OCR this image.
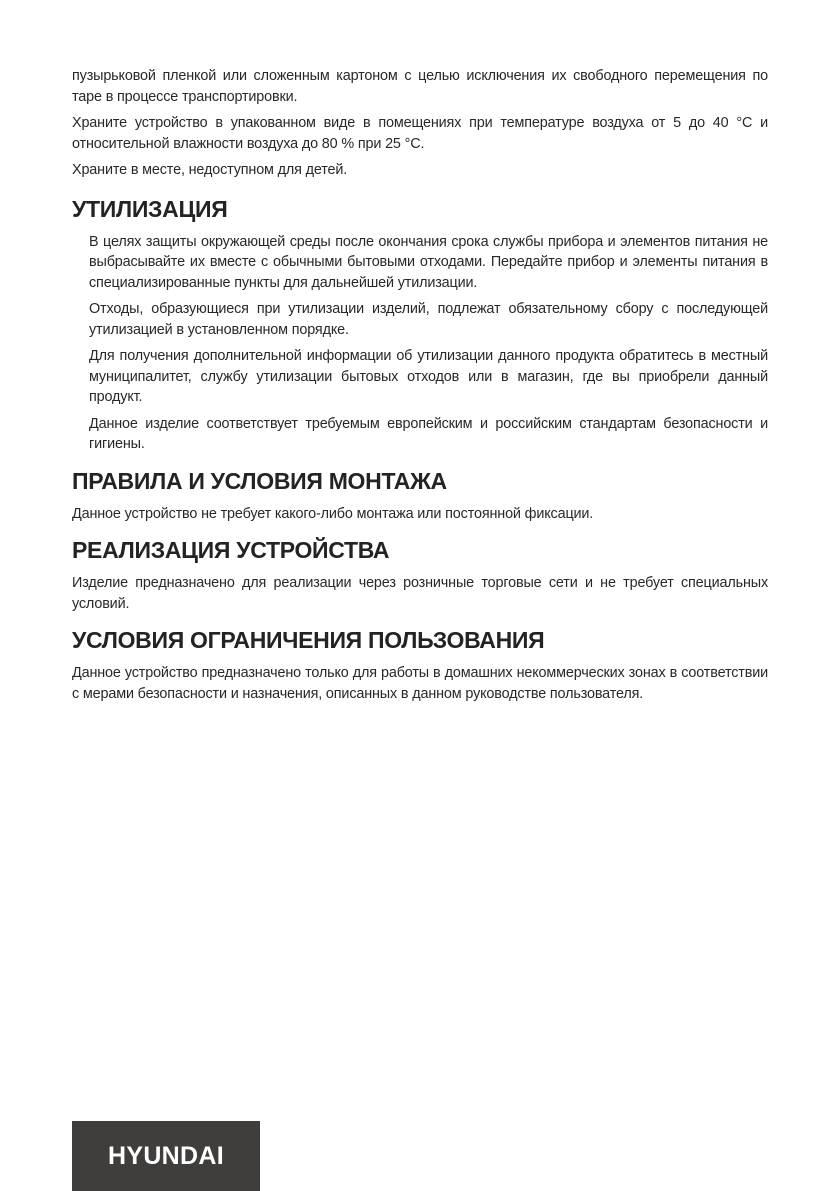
пузырьковой пленкой или сложенным картоном с целью исключения их свободного перемещения по таре в процессе транспортировки.

Храните устройство в упакованном виде в помещениях при температуре воздуха от 5 до 40 °C и относительной влажности воздуха до 80 % при 25 °C.

Храните в месте, недоступном для детей.

УТИЛИЗАЦИЯ

В целях защиты окружающей среды после окончания срока службы прибора и элементов питания не выбрасывайте их вместе с обычными бытовыми отходами. Передайте прибор и элементы питания в специализированные пункты для дальнейшей утилизации.

Отходы, образующиеся при утилизации изделий, подлежат обязательному сбору с последующей утилизацией в установленном порядке.

Для получения дополнительной информации об утилизации данного продукта обратитесь в местный муниципалитет, службу утилизации бытовых отходов или в магазин, где вы приобрели данный продукт.

Данное изделие соответствует требуемым европейским и российским стандартам безопасности и гигиены.

ПРАВИЛА И УСЛОВИЯ МОНТАЖА

Данное устройство не требует какого-либо монтажа или постоянной фиксации.

РЕАЛИЗАЦИЯ УСТРОЙСТВА

Изделие предназначено для реализации через розничные торговые сети и не требует специальных условий.

УСЛОВИЯ ОГРАНИЧЕНИЯ ПОЛЬЗОВАНИЯ

Данное устройство предназначено только для работы в домашних некоммерческих зонах в соответствии с мерами безопасности и назначения, описанных в данном руководстве пользователя.

HYUNDAI
